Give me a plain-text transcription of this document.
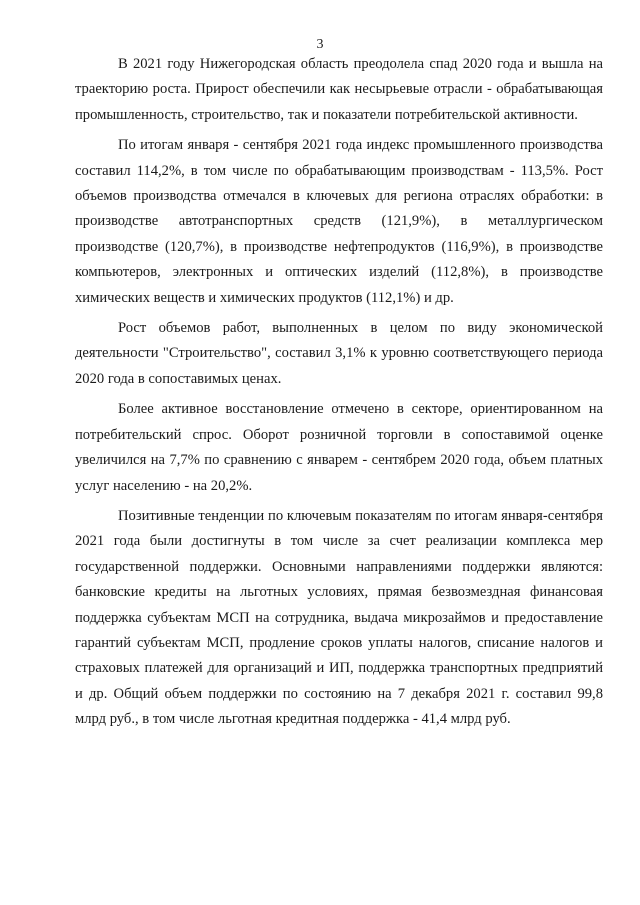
3

В 2021 году Нижегородская область преодолела спад 2020 года и вышла на траекторию роста. Прирост обеспечили как несырьевые отрасли - обрабатывающая промышленность, строительство, так и показатели потребительской активности.

По итогам января - сентября 2021 года индекс промышленного производства составил 114,2%, в том числе по обрабатывающим производствам - 113,5%. Рост объемов производства отмечался в ключевых для региона отраслях обработки: в производстве автотранспортных средств (121,9%), в металлургическом производстве (120,7%), в производстве нефтепродуктов (116,9%), в производстве компьютеров, электронных и оптических изделий (112,8%), в производстве химических веществ и химических продуктов (112,1%) и др.

Рост объемов работ, выполненных в целом по виду экономической деятельности "Строительство", составил 3,1% к уровню соответствующего периода 2020 года в сопоставимых ценах.

Более активное восстановление отмечено в секторе, ориентированном на потребительский спрос. Оборот розничной торговли в сопоставимой оценке увеличился на 7,7% по сравнению с январем - сентябрем 2020 года, объем платных услуг населению - на 20,2%.

Позитивные тенденции по ключевым показателям по итогам января-сентября 2021 года были достигнуты в том числе за счет реализации комплекса мер государственной поддержки. Основными направлениями поддержки являются: банковские кредиты на льготных условиях, прямая безвозмездная финансовая поддержка субъектам МСП на сотрудника, выдача микрозаймов и предоставление гарантий субъектам МСП, продление сроков уплаты налогов, списание налогов и страховых платежей для организаций и ИП, поддержка транспортных предприятий и др. Общий объем поддержки по состоянию на 7 декабря 2021 г. составил 99,8 млрд руб., в том числе льготная кредитная поддержка - 41,4 млрд руб.
